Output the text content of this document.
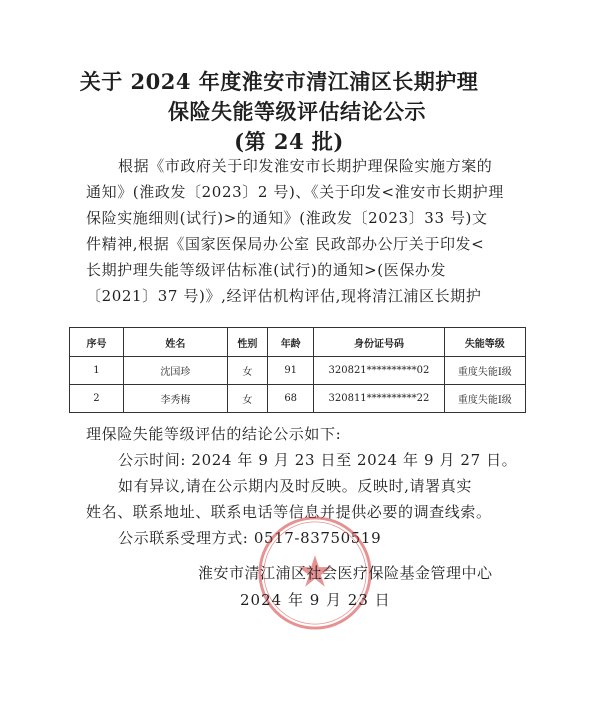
关于 2024 年度淮安市清江浦区长期护理
保险失能等级评估结论公示
(第 24 批)
根据《市政府关于印发淮安市长期护理保险实施方案的
通知》(淮政发〔2023〕2 号)、《关于印发<淮安市长期护理
保险实施细则(试行)>的通知》(淮政发〔2023〕33 号)文
件精神,根据《国家医保局办公室 民政部办公厅关于印发<
长期护理失能等级评估标准(试行)的通知>(医保办发
〔2021〕37 号)》,经评估机构评估,现将清江浦区长期护
序号	姓名	性别	年龄	身份证号码	失能等级
1	沈国珍	女	91	320821**********02	重度失能Ⅰ级
2	李秀梅	女	68	320811**********22	重度失能Ⅰ级
理保险失能等级评估的结论公示如下:
公示时间: 2024 年 9 月 23 日至 2024 年 9 月 27 日。
如有异议,请在公示期内及时反映。反映时,请署真实
姓名、联系地址、联系电话等信息并提供必要的调查线索。
公示联系受理方式: 0517-83750519
淮安市清江浦区社会医疗保险基金管理中心
2024 年 9 月 23 日
